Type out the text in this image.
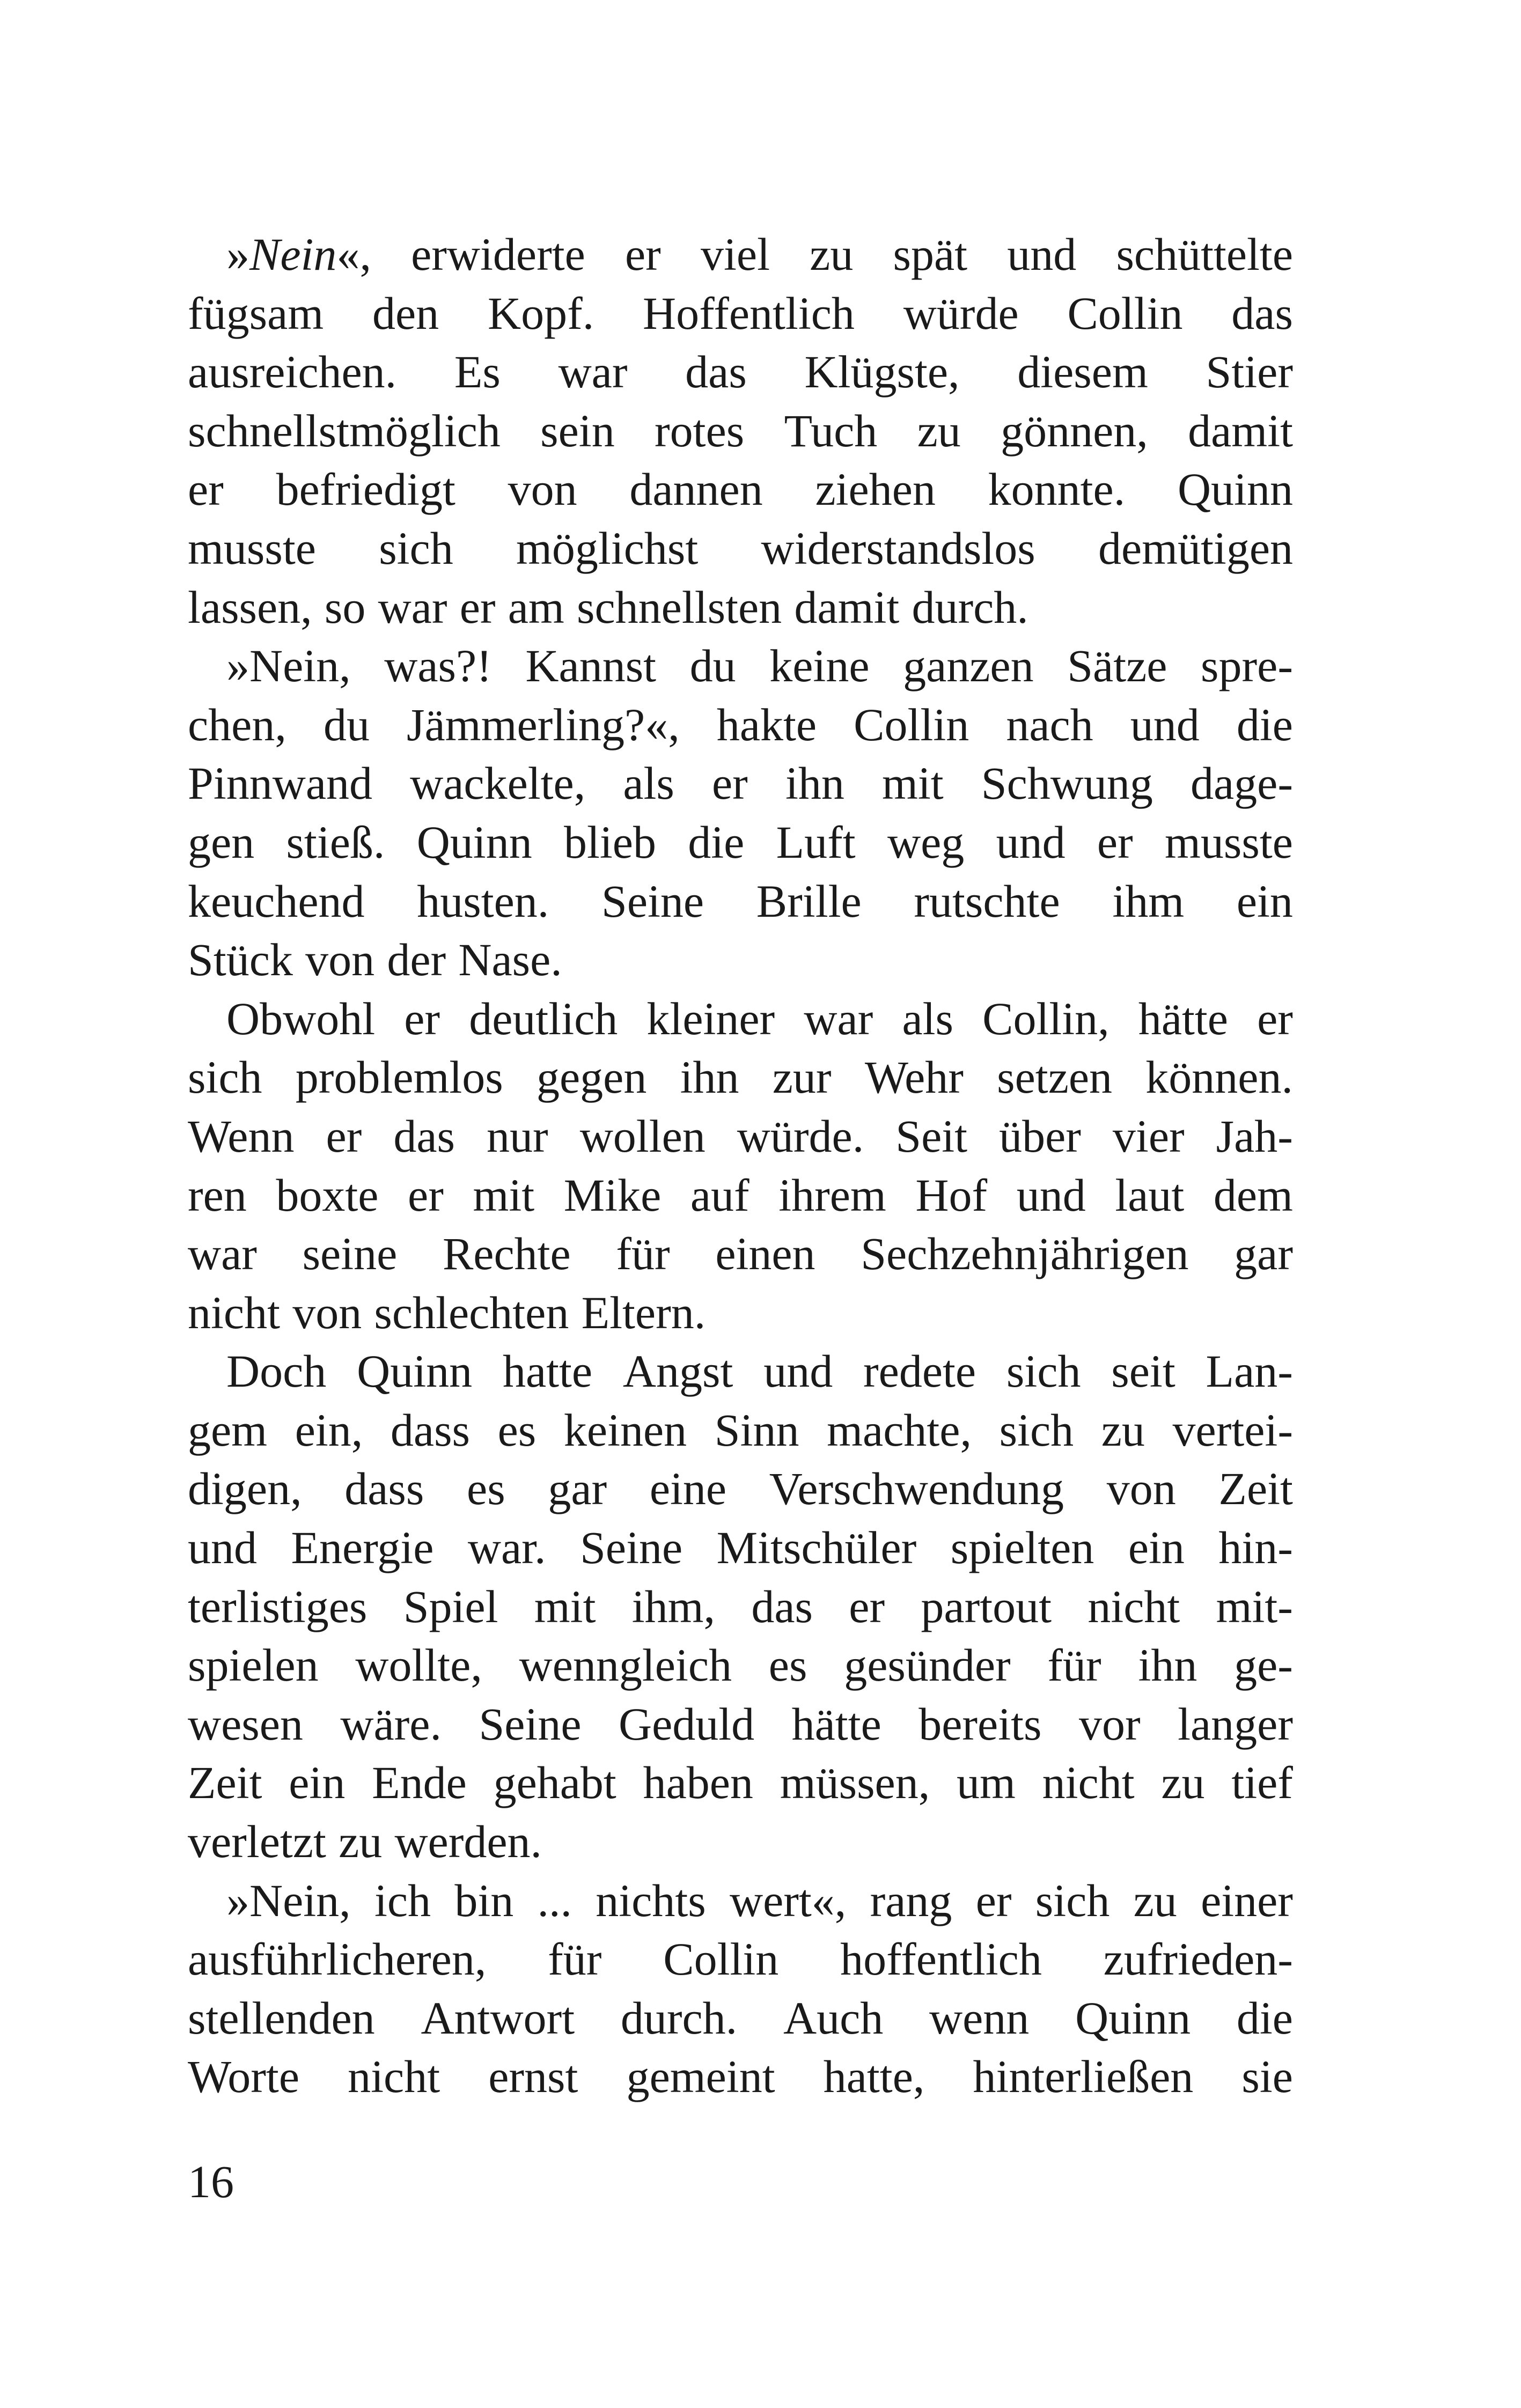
»Nein«, erwiderte er viel zu spät und schüttelte
fügsam den Kopf. Hoffentlich würde Collin das
ausreichen. Es war das Klügste, diesem Stier
schnellstmöglich sein rotes Tuch zu gönnen, damit
er befriedigt von dannen ziehen konnte. Quinn
musste sich möglichst widerstandslos demütigen
lassen, so war er am schnellsten damit durch.
»Nein, was?! Kannst du keine ganzen Sätze spre-
chen, du Jämmerling?«, hakte Collin nach und die
Pinnwand wackelte, als er ihn mit Schwung dage-
gen stieß. Quinn blieb die Luft weg und er musste
keuchend husten. Seine Brille rutschte ihm ein
Stück von der Nase.
Obwohl er deutlich kleiner war als Collin, hätte er
sich problemlos gegen ihn zur Wehr setzen können.
Wenn er das nur wollen würde. Seit über vier Jah-
ren boxte er mit Mike auf ihrem Hof und laut dem
war seine Rechte für einen Sechzehnjährigen gar
nicht von schlechten Eltern.
Doch Quinn hatte Angst und redete sich seit Lan-
gem ein, dass es keinen Sinn machte, sich zu vertei-
digen, dass es gar eine Verschwendung von Zeit
und Energie war. Seine Mitschüler spielten ein hin-
terlistiges Spiel mit ihm, das er partout nicht mit-
spielen wollte, wenngleich es gesünder für ihn ge-
wesen wäre. Seine Geduld hätte bereits vor langer
Zeit ein Ende gehabt haben müssen, um nicht zu tief
verletzt zu werden.
»Nein, ich bin ... nichts wert«, rang er sich zu einer
ausführlicheren, für Collin hoffentlich zufrieden-
stellenden Antwort durch. Auch wenn Quinn die
Worte nicht ernst gemeint hatte, hinterließen sie
16
